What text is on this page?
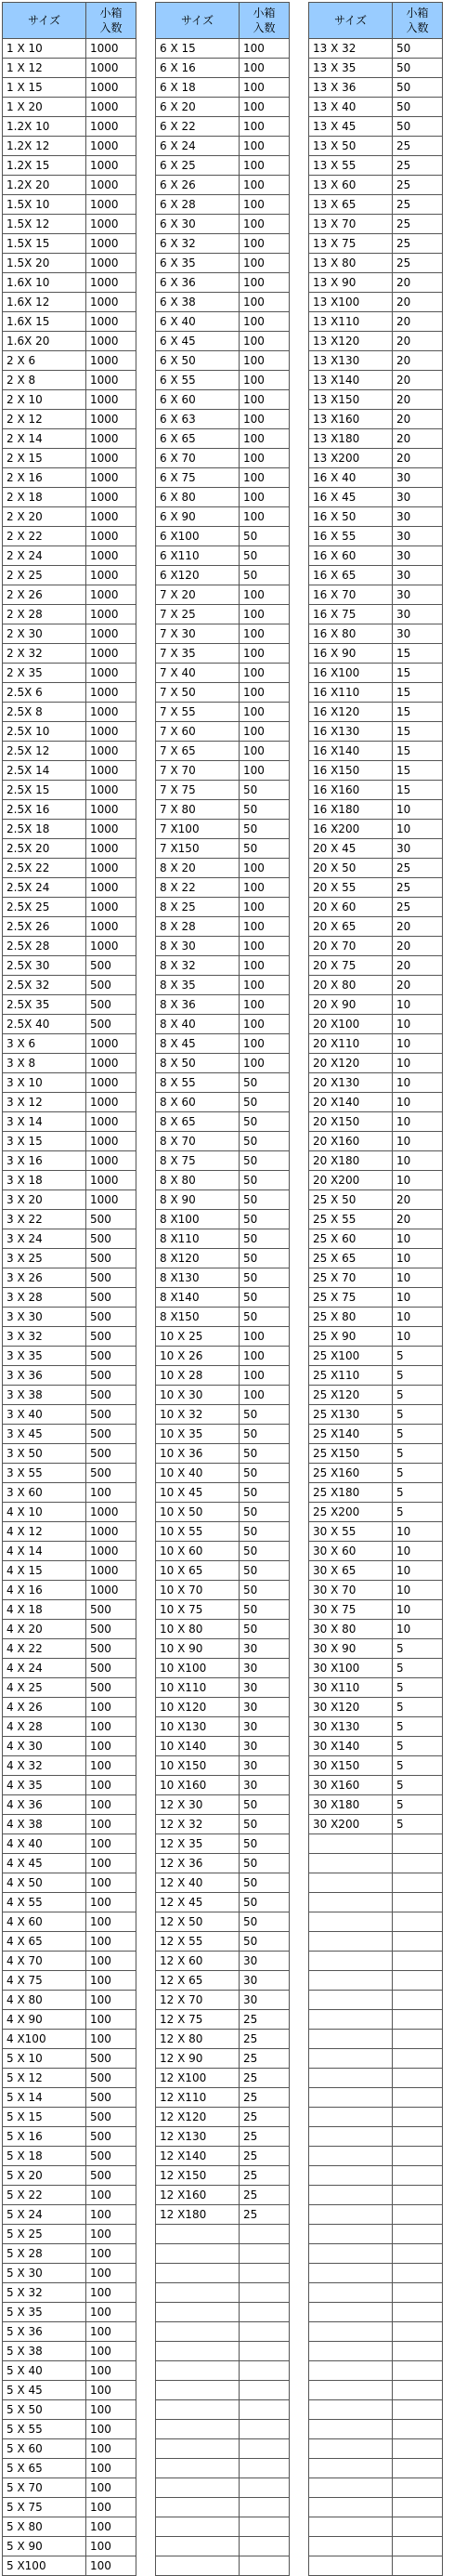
サイズ	小箱
入数
1 X 10	1000
1 X 12	1000
1 X 15	1000
1 X 20	1000
1.2X 10	1000
1.2X 12	1000
1.2X 15	1000
1.2X 20	1000
1.5X 10	1000
1.5X 12	1000
1.5X 15	1000
1.5X 20	1000
1.6X 10	1000
1.6X 12	1000
1.6X 15	1000
1.6X 20	1000
2 X 6	1000
2 X 8	1000
2 X 10	1000
2 X 12	1000
2 X 14	1000
2 X 15	1000
2 X 16	1000
2 X 18	1000
2 X 20	1000
2 X 22	1000
2 X 24	1000
2 X 25	1000
2 X 26	1000
2 X 28	1000
2 X 30	1000
2 X 32	1000
2 X 35	1000
2.5X 6	1000
2.5X 8	1000
2.5X 10	1000
2.5X 12	1000
2.5X 14	1000
2.5X 15	1000
2.5X 16	1000
2.5X 18	1000
2.5X 20	1000
2.5X 22	1000
2.5X 24	1000
2.5X 25	1000
2.5X 26	1000
2.5X 28	1000
2.5X 30	500
2.5X 32	500
2.5X 35	500
2.5X 40	500
3 X 6	1000
3 X 8	1000
3 X 10	1000
3 X 12	1000
3 X 14	1000
3 X 15	1000
3 X 16	1000
3 X 18	1000
3 X 20	1000
3 X 22	500
3 X 24	500
3 X 25	500
3 X 26	500
3 X 28	500
3 X 30	500
3 X 32	500
3 X 35	500
3 X 36	500
3 X 38	500
3 X 40	500
3 X 45	500
3 X 50	500
3 X 55	500
3 X 60	100
4 X 10	1000
4 X 12	1000
4 X 14	1000
4 X 15	1000
4 X 16	1000
4 X 18	500
4 X 20	500
4 X 22	500
4 X 24	500
4 X 25	500
4 X 26	100
4 X 28	100
4 X 30	100
4 X 32	100
4 X 35	100
4 X 36	100
4 X 38	100
4 X 40	100
4 X 45	100
4 X 50	100
4 X 55	100
4 X 60	100
4 X 65	100
4 X 70	100
4 X 75	100
4 X 80	100
4 X 90	100
4 X100	100
5 X 10	500
5 X 12	500
5 X 14	500
5 X 15	500
5 X 16	500
5 X 18	500
5 X 20	500
5 X 22	100
5 X 24	100
5 X 25	100
5 X 28	100
5 X 30	100
5 X 32	100
5 X 35	100
5 X 36	100
5 X 38	100
5 X 40	100
5 X 45	100
5 X 50	100
5 X 55	100
5 X 60	100
5 X 65	100
5 X 70	100
5 X 75	100
5 X 80	100
5 X 90	100
5 X100	100
サイズ	小箱
入数
6 X 15	100
6 X 16	100
6 X 18	100
6 X 20	100
6 X 22	100
6 X 24	100
6 X 25	100
6 X 26	100
6 X 28	100
6 X 30	100
6 X 32	100
6 X 35	100
6 X 36	100
6 X 38	100
6 X 40	100
6 X 45	100
6 X 50	100
6 X 55	100
6 X 60	100
6 X 63	100
6 X 65	100
6 X 70	100
6 X 75	100
6 X 80	100
6 X 90	100
6 X100	50
6 X110	50
6 X120	50
7 X 20	100
7 X 25	100
7 X 30	100
7 X 35	100
7 X 40	100
7 X 50	100
7 X 55	100
7 X 60	100
7 X 65	100
7 X 70	100
7 X 75	50
7 X 80	50
7 X100	50
7 X150	50
8 X 20	100
8 X 22	100
8 X 25	100
8 X 28	100
8 X 30	100
8 X 32	100
8 X 35	100
8 X 36	100
8 X 40	100
8 X 45	100
8 X 50	100
8 X 55	50
8 X 60	50
8 X 65	50
8 X 70	50
8 X 75	50
8 X 80	50
8 X 90	50
8 X100	50
8 X110	50
8 X120	50
8 X130	50
8 X140	50
8 X150	50
10 X 25	100
10 X 26	100
10 X 28	100
10 X 30	100
10 X 32	50
10 X 35	50
10 X 36	50
10 X 40	50
10 X 45	50
10 X 50	50
10 X 55	50
10 X 60	50
10 X 65	50
10 X 70	50
10 X 75	50
10 X 80	50
10 X 90	30
10 X100	30
10 X110	30
10 X120	30
10 X130	30
10 X140	30
10 X150	30
10 X160	30
12 X 30	50
12 X 32	50
12 X 35	50
12 X 36	50
12 X 40	50
12 X 45	50
12 X 50	50
12 X 55	50
12 X 60	30
12 X 65	30
12 X 70	30
12 X 75	25
12 X 80	25
12 X 90	25
12 X100	25
12 X110	25
12 X120	25
12 X130	25
12 X140	25
12 X150	25
12 X160	25
12 X180	25

サイズ	小箱
入数
13 X 32	50
13 X 35	50
13 X 36	50
13 X 40	50
13 X 45	50
13 X 50	25
13 X 55	25
13 X 60	25
13 X 65	25
13 X 70	25
13 X 75	25
13 X 80	25
13 X 90	20
13 X100	20
13 X110	20
13 X120	20
13 X130	20
13 X140	20
13 X150	20
13 X160	20
13 X180	20
13 X200	20
16 X 40	30
16 X 45	30
16 X 50	30
16 X 55	30
16 X 60	30
16 X 65	30
16 X 70	30
16 X 75	30
16 X 80	30
16 X 90	15
16 X100	15
16 X110	15
16 X120	15
16 X130	15
16 X140	15
16 X150	15
16 X160	15
16 X180	10
16 X200	10
20 X 45	30
20 X 50	25
20 X 55	25
20 X 60	25
20 X 65	20
20 X 70	20
20 X 75	20
20 X 80	20
20 X 90	10
20 X100	10
20 X110	10
20 X120	10
20 X130	10
20 X140	10
20 X150	10
20 X160	10
20 X180	10
20 X200	10
25 X 50	20
25 X 55	20
25 X 60	10
25 X 65	10
25 X 70	10
25 X 75	10
25 X 80	10
25 X 90	10
25 X100	5
25 X110	5
25 X120	5
25 X130	5
25 X140	5
25 X150	5
25 X160	5
25 X180	5
25 X200	5
30 X 55	10
30 X 60	10
30 X 65	10
30 X 70	10
30 X 75	10
30 X 80	10
30 X 90	5
30 X100	5
30 X110	5
30 X120	5
30 X130	5
30 X140	5
30 X150	5
30 X160	5
30 X180	5
30 X200	5
